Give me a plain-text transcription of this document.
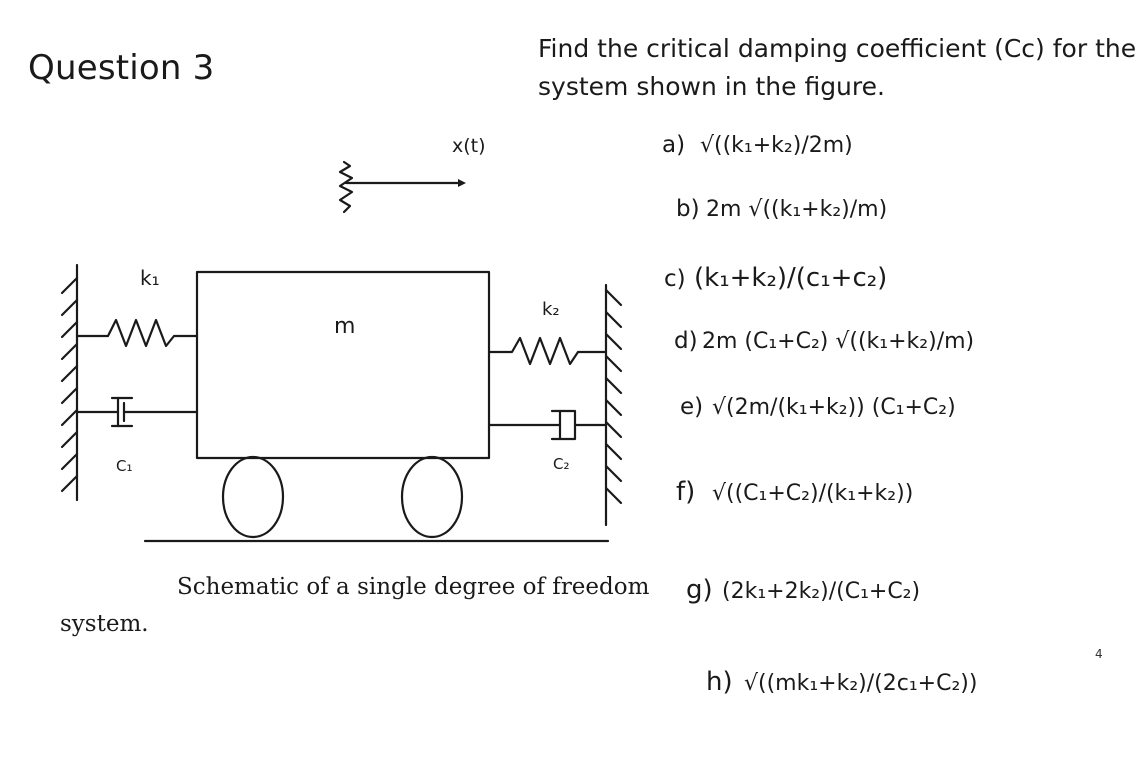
Question 3	Find the critical damping coefficient (Cc) for the system shown in the figure.
k₁
C₁
m
k₂
C₂
x(t)	a) √((k₁+k₂)/2m)
b) 2m √((k₁+k₂)/m)
c) (k₁+k₂)/(c₁+c₂)
d) 2m (C₁+C₂) √((k₁+k₂)/m)
e) √(2m/(k₁+k₂)) (C₁+C₂)
f) √((C₁+C₂)/(k₁+k₂))
g) (2k₁+2k₂)/(C₁+C₂)
h) √((mk₁+k₂)/(2c₁+C₂))
Schematic of a single degree of freedom
system.
4
